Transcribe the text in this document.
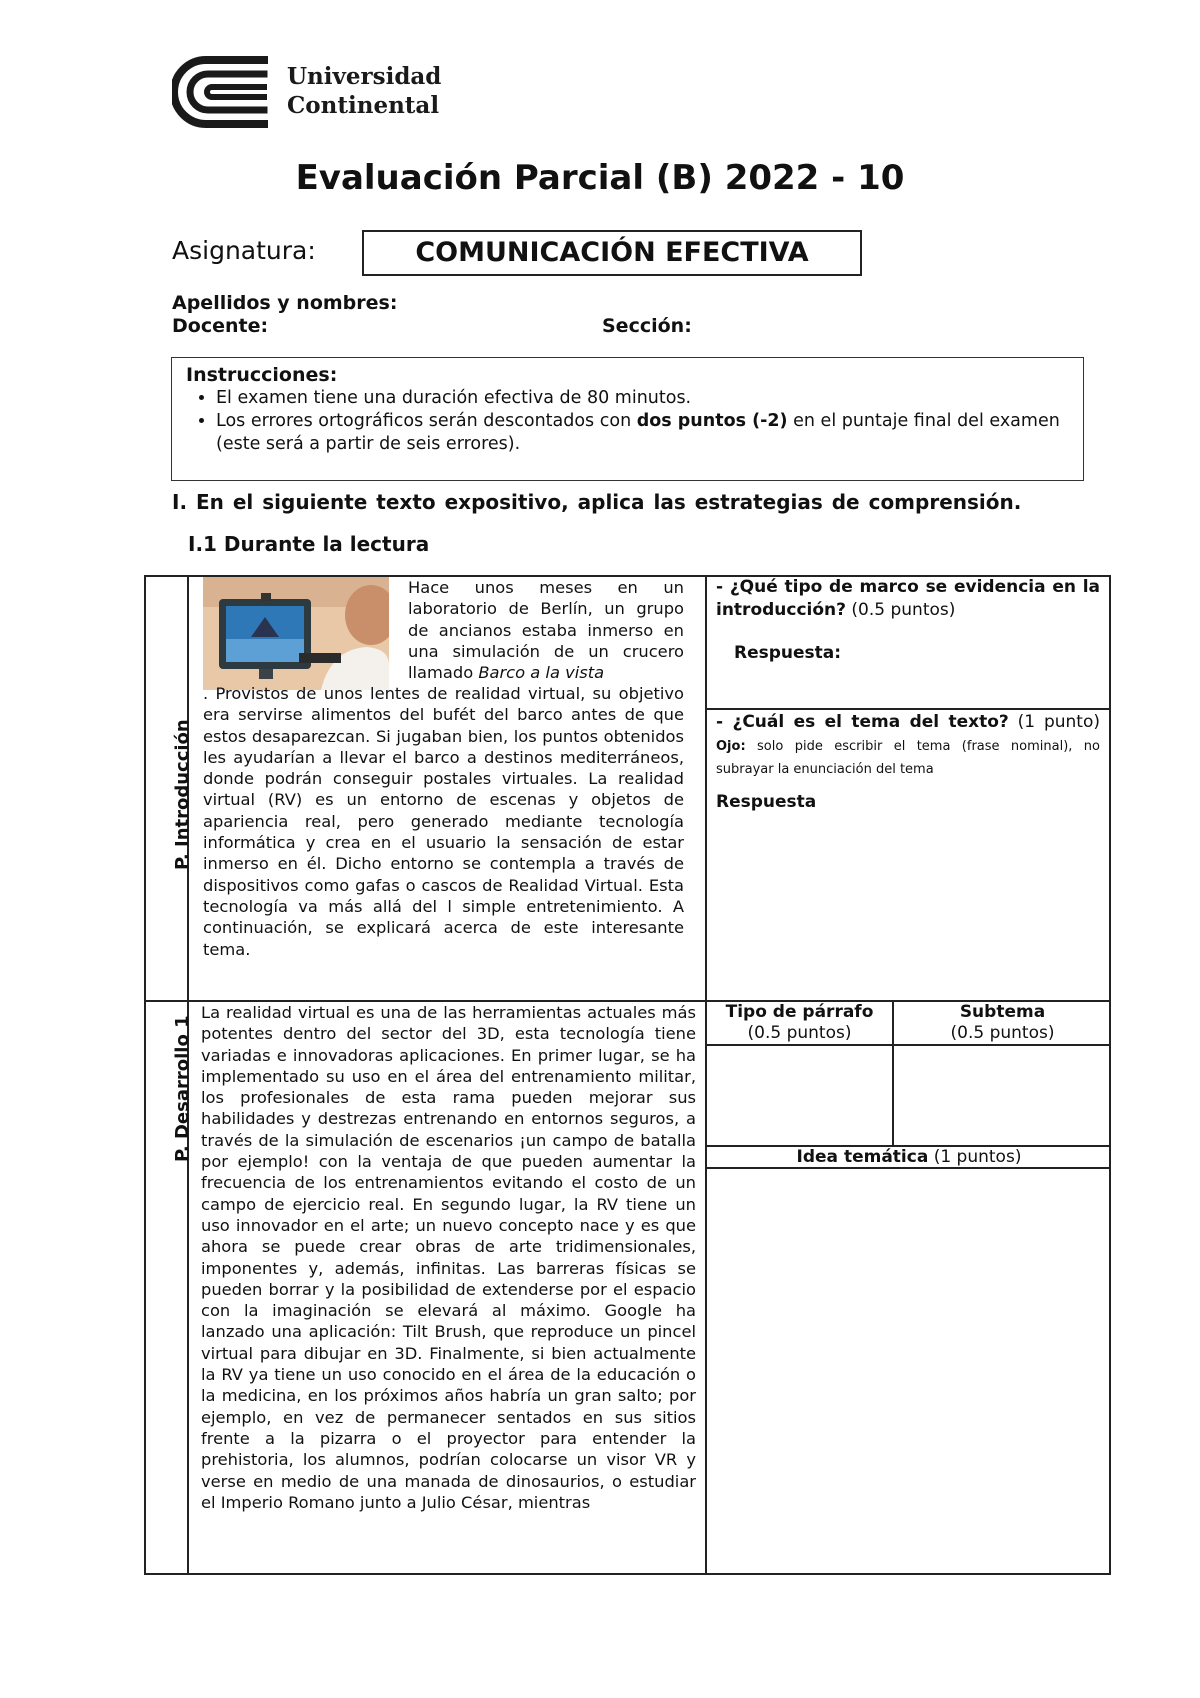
Universidad
Continental
Evaluación Parcial (B) 2022 - 10
Asignatura:	COMUNICACIÓN EFECTIVA
Apellidos y nombres:
Docente:	Sección:
Instrucciones:
• El examen tiene una duración efectiva de 80 minutos.
• Los errores ortográficos serán descontados con dos puntos (-2) en el puntaje final del examen (este será a partir de seis errores).
I. En el siguiente texto expositivo, aplica las estrategias de comprensión.
I.1 Durante la lectura
P. Introducción
P. Desarrollo 1
Hace unos meses en un laboratorio de Berlín, un grupo de ancianos estaba inmerso en una simulación de un crucero llamado Barco a la vista
. Provistos de unos lentes de realidad virtual, su objetivo era servirse alimentos del bufét del barco antes de que estos desaparezcan. Si jugaban bien, los puntos obtenidos les ayudarían a llevar el barco a destinos mediterráneos, donde podrán conseguir postales virtuales. La realidad virtual (RV) es un entorno de escenas y objetos de apariencia real, pero generado mediante tecnología informática y crea en el usuario la sensación de estar inmerso en él. Dicho entorno se contempla a través de dispositivos como gafas o cascos de Realidad Virtual. Esta tecnología va más allá del l simple entretenimiento. A continuación, se explicará acerca de este interesante tema.
La realidad virtual es una de las herramientas actuales más potentes dentro del sector del 3D, esta tecnología tiene variadas e innovadoras aplicaciones. En primer lugar, se ha implementado su uso en el área del entrenamiento militar, los profesionales de esta rama pueden mejorar sus habilidades y destrezas entrenando en entornos seguros, a través de la simulación de escenarios ¡un campo de batalla por ejemplo! con la ventaja de que pueden aumentar la frecuencia de los entrenamientos evitando el costo de un campo de ejercicio real. En segundo lugar, la RV tiene un uso innovador en el arte; un nuevo concepto nace y es que ahora se puede crear obras de arte tridimensionales, imponentes y, además, infinitas. Las barreras físicas se pueden borrar y la posibilidad de extenderse por el espacio con la imaginación se elevará al máximo. Google ha lanzado una aplicación: Tilt Brush, que reproduce un pincel virtual para dibujar en 3D. Finalmente, si bien actualmente la RV ya tiene un uso conocido en el área de la educación o la medicina, en los próximos años habría un gran salto; por ejemplo, en vez de permanecer sentados en sus sitios frente a la pizarra o el proyector para entender la prehistoria, los alumnos, podrían colocarse un visor VR y verse en medio de una manada de dinosaurios, o estudiar el Imperio Romano junto a Julio César, mientras
- ¿Qué tipo de marco se evidencia en la introducción? (0.5 puntos)
Respuesta:
- ¿Cuál es el tema del texto? (1 punto) Ojo: solo pide escribir el tema (frase nominal), no subrayar la enunciación del tema
Respuesta
Tipo de párrafo
(0.5 puntos)
Subtema
(0.5 puntos)
Idea temática (1 puntos)
